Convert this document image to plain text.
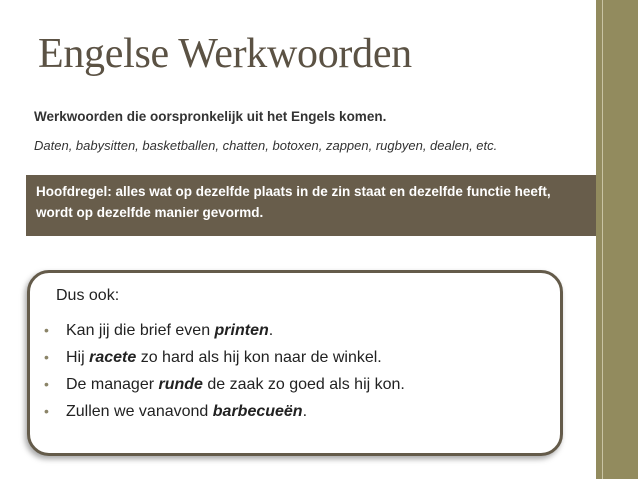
Engelse Werkwoorden
Werkwoorden die oorspronkelijk uit het Engels komen.
Daten, babysitten, basketballen, chatten, botoxen, zappen, rugbyen, dealen, etc.
Hoofdregel: alles wat op dezelfde plaats in de zin staat en dezelfde functie heeft, wordt op dezelfde manier gevormd.
Dus ook:
•	Kan jij die brief even printen.
•	Hij racete zo hard als hij kon naar de winkel.
•	De manager runde de zaak zo goed als hij kon.
•	Zullen we vanavond barbecueën.
